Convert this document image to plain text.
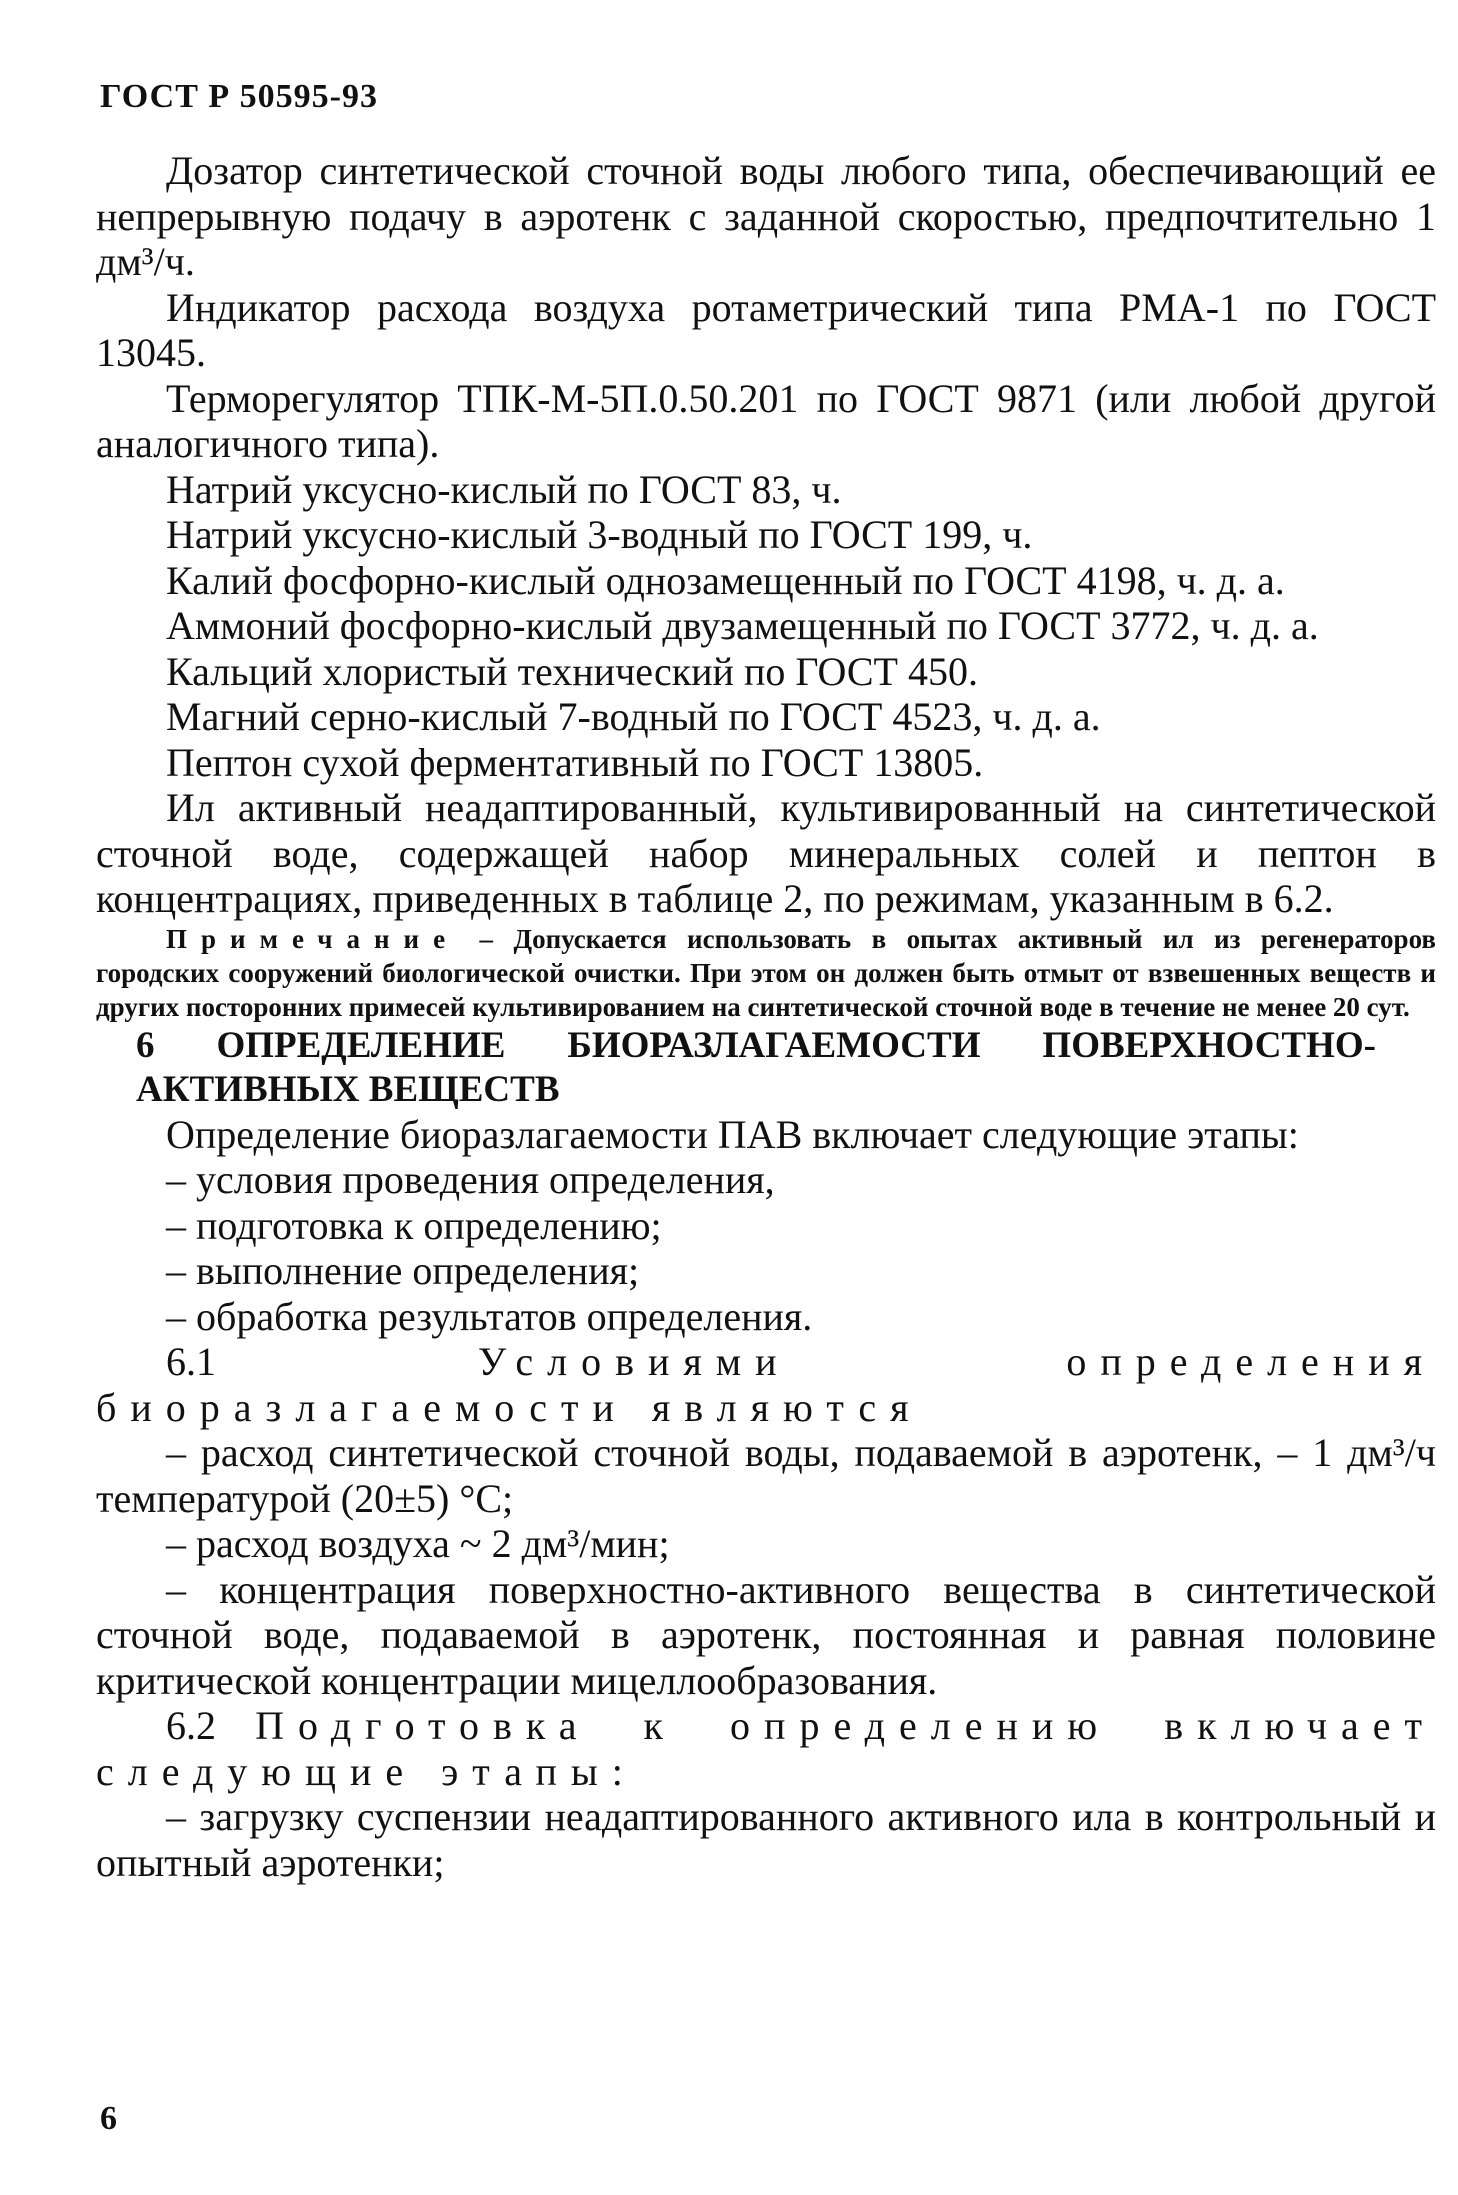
ГОСТ Р 50595-93

Дозатор синтетической сточной воды любого типа, обеспечивающий ее непрерывную подачу в аэротенк с заданной скоростью, предпочтительно 1 дм³/ч.

Индикатор расхода воздуха ротаметрический типа РМА-1 по ГОСТ 13045.

Терморегулятор ТПК-М-5П.0.50.201 по ГОСТ 9871 (или любой другой аналогичного типа).

Натрий уксусно-кислый по ГОСТ 83, ч.

Натрий уксусно-кислый 3-водный по ГОСТ 199, ч.

Калий фосфорно-кислый однозамещенный по ГОСТ 4198, ч. д. а.

Аммоний фосфорно-кислый двузамещенный по ГОСТ 3772, ч. д. а.

Кальций хлористый технический по ГОСТ 450.

Магний серно-кислый 7-водный по ГОСТ 4523, ч. д. а.

Пептон сухой ферментативный по ГОСТ 13805.

Ил активный неадаптированный, культивированный на синтетической сточной воде, содержащей набор минеральных солей и пептон в концентрациях, приведенных в таблице 2, по режимам, указанным в 6.2.

Примечание – Допускается использовать в опытах активный ил из регенераторов городских сооружений биологической очистки. При этом он должен быть отмыт от взвешенных веществ и других посторонних примесей культивированием на синтетической сточной воде в течение не менее 20 сут.

6 ОПРЕДЕЛЕНИЕ БИОРАЗЛАГАЕМОСТИ ПОВЕРХНОСТНО-АКТИВНЫХ ВЕЩЕСТВ

Определение биоразлагаемости ПАВ включает следующие этапы:

– условия проведения определения,

– подготовка к определению;

– выполнение определения;

– обработка результатов определения.

6.1 Условиями определения биоразлагаемости являются

– расход синтетической сточной воды, подаваемой в аэротенк, – 1 дм³/ч температурой (20±5) °С;

– расход воздуха ~ 2 дм³/мин;

– концентрация поверхностно-активного вещества в синтетической сточной воде, подаваемой в аэротенк, постоянная и равная половине критической концентрации мицеллообразования.

6.2 Подготовка к определению включает следующие этапы:

– загрузку суспензии неадаптированного активного ила в контрольный и опытный аэротенки;

6
